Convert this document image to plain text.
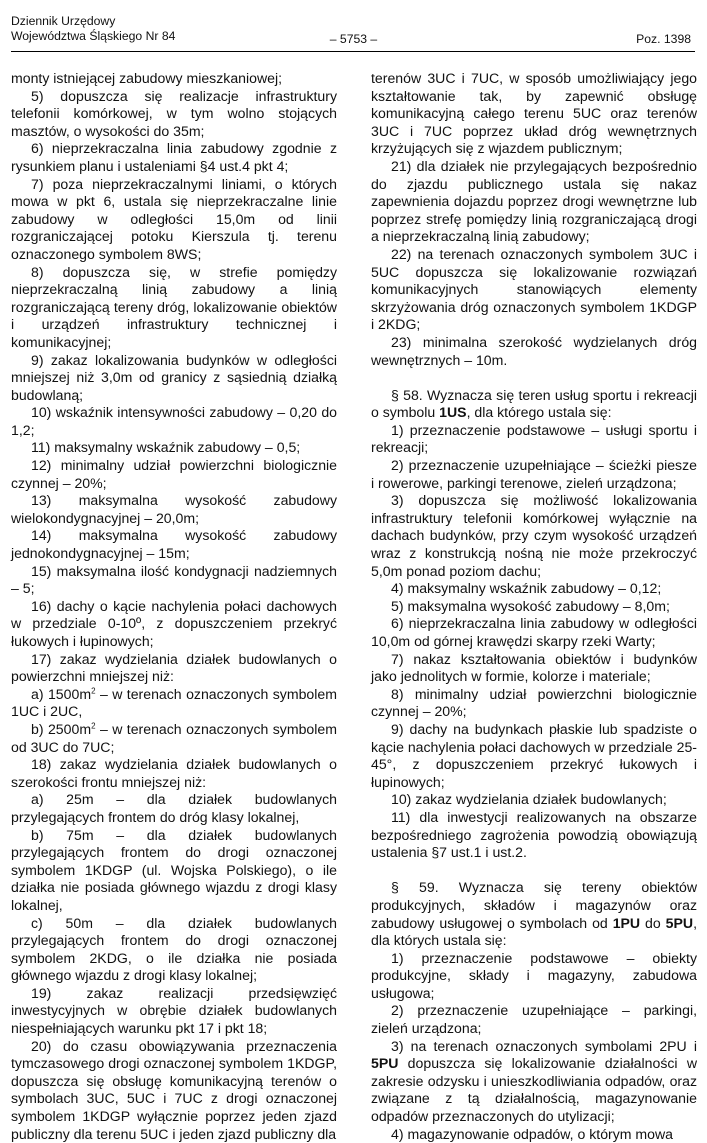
Dziennik Urzędowy
Województwa Śląskiego Nr 84	– 5753 –	Poz. 1398

monty istniejącej zabudowy mieszkaniowej;

5) dopuszcza się realizacje infrastruktury telefonii komórkowej, w tym wolno stojących masztów, o wysokości do 35m;

6) nieprzekraczalna linia zabudowy zgodnie z rysunkiem planu i ustaleniami §4 ust.4 pkt 4;

7) poza nieprzekraczalnymi liniami, o których mowa w pkt 6, ustala się nieprzekraczalne linie zabudowy w odległości 15,0m od linii rozgraniczającej potoku Kierszula tj. terenu oznaczonego symbolem 8WS;

8) dopuszcza się, w strefie pomiędzy nieprzekraczalną linią zabudowy a linią rozgraniczającą tereny dróg, lokalizowanie obiektów i urządzeń infrastruktury technicznej i komunikacyjnej;

9) zakaz lokalizowania budynków w odległości mniejszej niż 3,0m od granicy z sąsiednią działką budowlaną;

10) wskaźnik intensywności zabudowy – 0,20 do 1,2;

11) maksymalny wskaźnik zabudowy – 0,5;

12) minimalny udział powierzchni biologicznie czynnej – 20%;

13) maksymalna wysokość zabudowy wielokondygnacyjnej – 20,0m;

14) maksymalna wysokość zabudowy jednokondygnacyjnej – 15m;

15) maksymalna ilość kondygnacji nadziemnych – 5;

16) dachy o kącie nachylenia połaci dachowych w przedziale 0-10º, z dopuszczeniem przekryć łukowych i łupinowych;

17) zakaz wydzielania działek budowlanych o powierzchni mniejszej niż:

a) $1500m^2$ – w terenach oznaczonych symbolem 1UC i 2UC,

b) $2500m^2$ – w terenach oznaczonych symbolem od 3UC do 7UC;

18) zakaz wydzielania działek budowlanych o szerokości frontu mniejszej niż:

a) 25m – dla działek budowlanych przylegających frontem do dróg klasy lokalnej,

b) 75m – dla działek budowlanych przylegających frontem do drogi oznaczonej symbolem 1KDGP (ul. Wojska Polskiego), o ile działka nie posiada głównego wjazdu z drogi klasy lokalnej,

c) 50m – dla działek budowlanych przylegających frontem do drogi oznaczonej symbolem 2KDG, o ile działka nie posiada głównego wjazdu z drogi klasy lokalnej;

19) zakaz realizacji przedsięwzięć inwestycyjnych w obrębie działek budowlanych niespełniających warunku pkt 17 i pkt 18;

20) do czasu obowiązywania przeznaczenia tymczasowego drogi oznaczonej symbolem 1KDGP, dopuszcza się obsługę komunikacyjną terenów o symbolach 3UC, 5UC i 7UC z drogi oznaczonej symbolem 1KDGP wyłącznie poprzez jeden zjazd publiczny dla terenu 5UC i jeden zjazd publiczny dla

terenów 3UC i 7UC, w sposób umożliwiający jego kształtowanie tak, by zapewnić obsługę komunikacyjną całego terenu 5UC oraz terenów 3UC i 7UC poprzez układ dróg wewnętrznych krzyżujących się z wjazdem publicznym;

21) dla działek nie przylegających bezpośrednio do zjazdu publicznego ustala się nakaz zapewnienia dojazdu poprzez drogi wewnętrzne lub poprzez strefę pomiędzy linią rozgraniczającą drogi a nieprzekraczalną linią zabudowy;

22) na terenach oznaczonych symbolem 3UC i 5UC dopuszcza się lokalizowanie rozwiązań komunikacyjnych stanowiących elementy skrzyżowania dróg oznaczonych symbolem 1KDGP i 2KDG;

23) minimalna szerokość wydzielanych dróg wewnętrznych – 10m.

§ 58. Wyznacza się teren usług sportu i rekreacji o symbolu 1US, dla którego ustala się:

1) przeznaczenie podstawowe – usługi sportu i rekreacji;

2) przeznaczenie uzupełniające – ścieżki piesze i rowerowe, parkingi terenowe, zieleń urządzona;

3) dopuszcza się możliwość lokalizowania infrastruktury telefonii komórkowej wyłącznie na dachach budynków, przy czym wysokość urządzeń wraz z konstrukcją nośną nie może przekroczyć 5,0m ponad poziom dachu;

4) maksymalny wskaźnik zabudowy – 0,12;

5) maksymalna wysokość zabudowy – 8,0m;

6) nieprzekraczalna linia zabudowy w odległości 10,0m od górnej krawędzi skarpy rzeki Warty;

7) nakaz kształtowania obiektów i budynków jako jednolitych w formie, kolorze i materiale;

8) minimalny udział powierzchni biologicznie czynnej – 20%;

9) dachy na budynkach płaskie lub spadziste o kącie nachylenia połaci dachowych w przedziale 25-45°, z dopuszczeniem przekryć łukowych i łupinowych;

10) zakaz wydzielania działek budowlanych;

11) dla inwestycji realizowanych na obszarze bezpośredniego zagrożenia powodzią obowiązują ustalenia §7 ust.1 i ust.2.

§ 59. Wyznacza się tereny obiektów produkcyjnych, składów i magazynów oraz zabudowy usługowej o symbolach od 1PU do 5PU, dla których ustala się:

1) przeznaczenie podstawowe – obiekty produkcyjne, składy i magazyny, zabudowa usługowa;

2) przeznaczenie uzupełniające – parkingi, zieleń urządzona;

3) na terenach oznaczonych symbolami 2PU i 5PU dopuszcza się lokalizowanie działalności w zakresie odzysku i unieszkodliwiania odpadów, oraz związane z tą działalnością, magazynowanie odpadów przeznaczonych do utylizacji;

4) magazynowanie odpadów, o którym mowa
